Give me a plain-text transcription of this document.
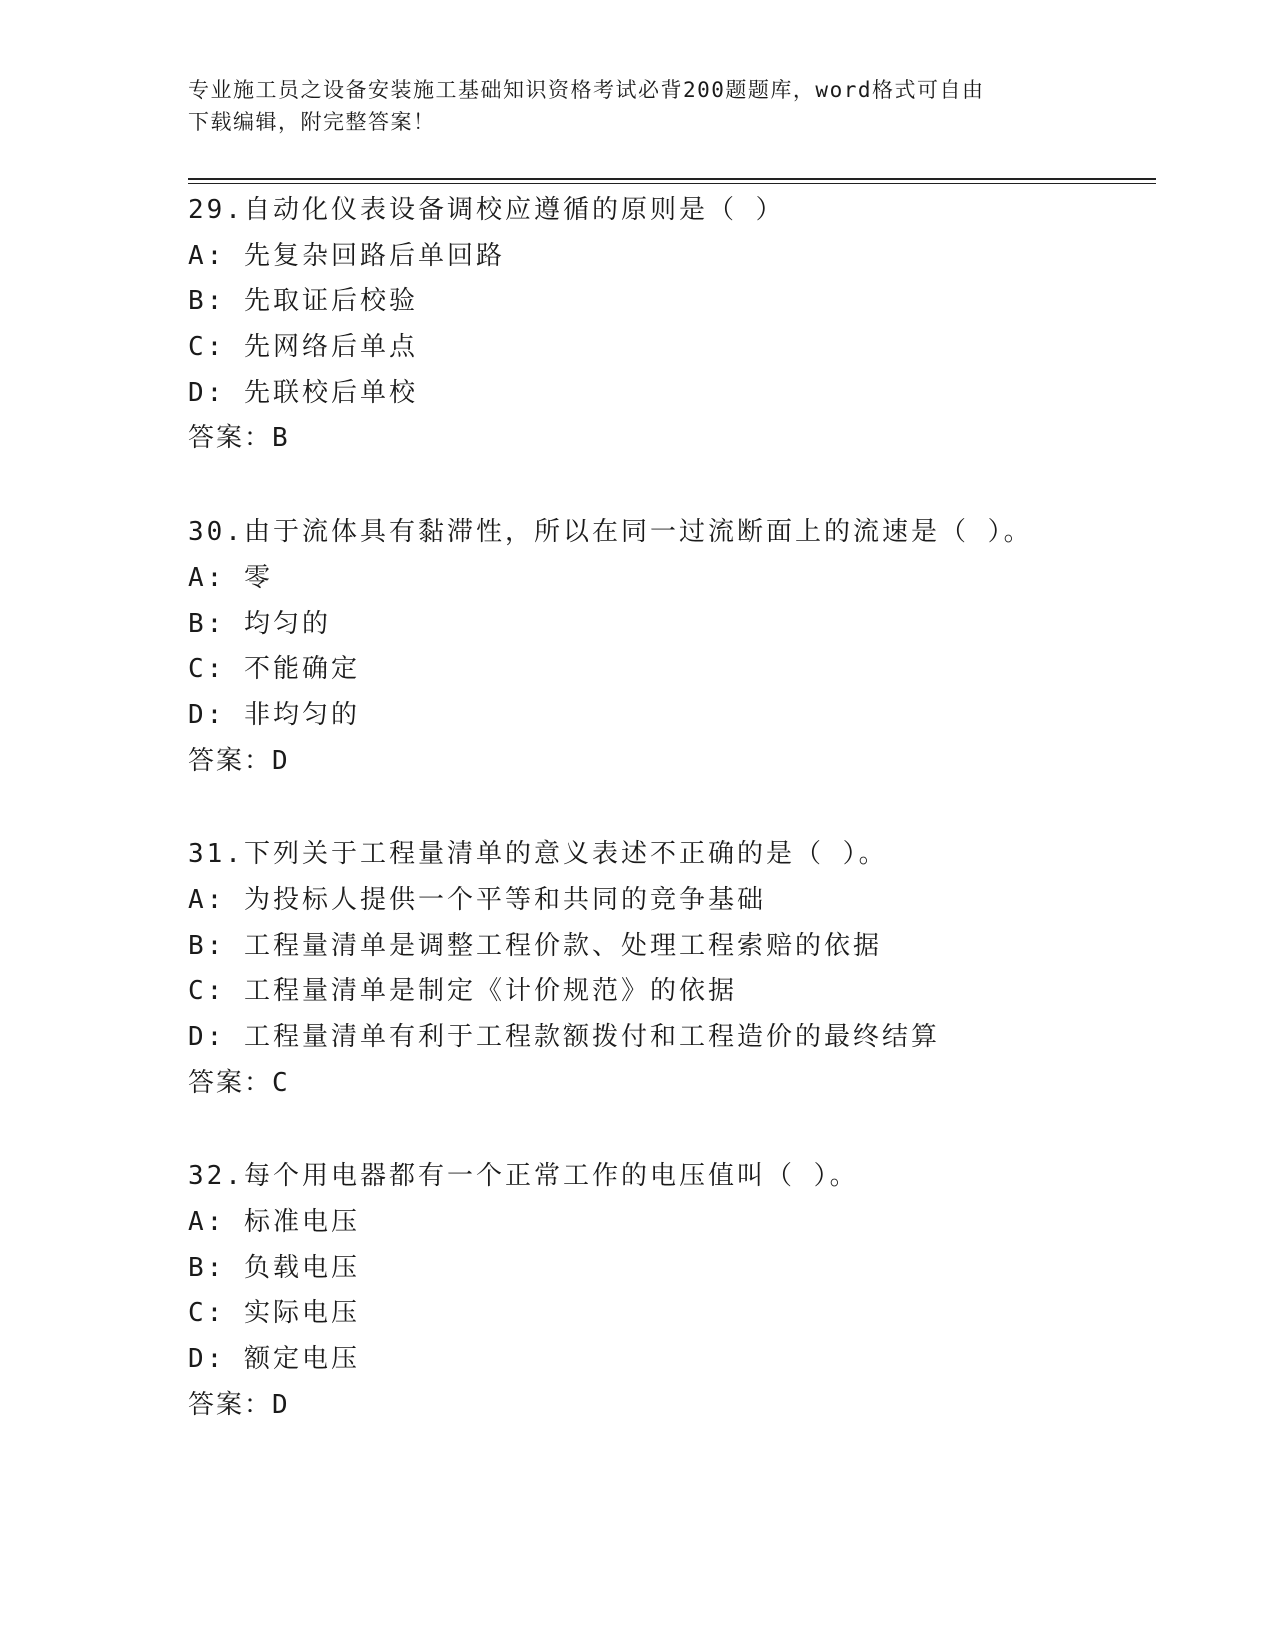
专业施工员之设备安装施工基础知识资格考试必背200题题库，word格式可自由
下载编辑，附完整答案！
29.自动化仪表设备调校应遵循的原则是（ ）
A: 先复杂回路后单回路
B: 先取证后校验
C: 先网络后单点
D: 先联校后单校
答案：B
30.由于流体具有黏滞性，所以在同一过流断面上的流速是（ ）。
A: 零
B: 均匀的
C: 不能确定
D: 非均匀的
答案：D
31.下列关于工程量清单的意义表述不正确的是（ ）。
A: 为投标人提供一个平等和共同的竞争基础
B: 工程量清单是调整工程价款、处理工程索赔的依据
C: 工程量清单是制定《计价规范》的依据
D: 工程量清单有利于工程款额拨付和工程造价的最终结算
答案：C
32.每个用电器都有一个正常工作的电压值叫（ ）。
A: 标准电压
B: 负载电压
C: 实际电压
D: 额定电压
答案：D
